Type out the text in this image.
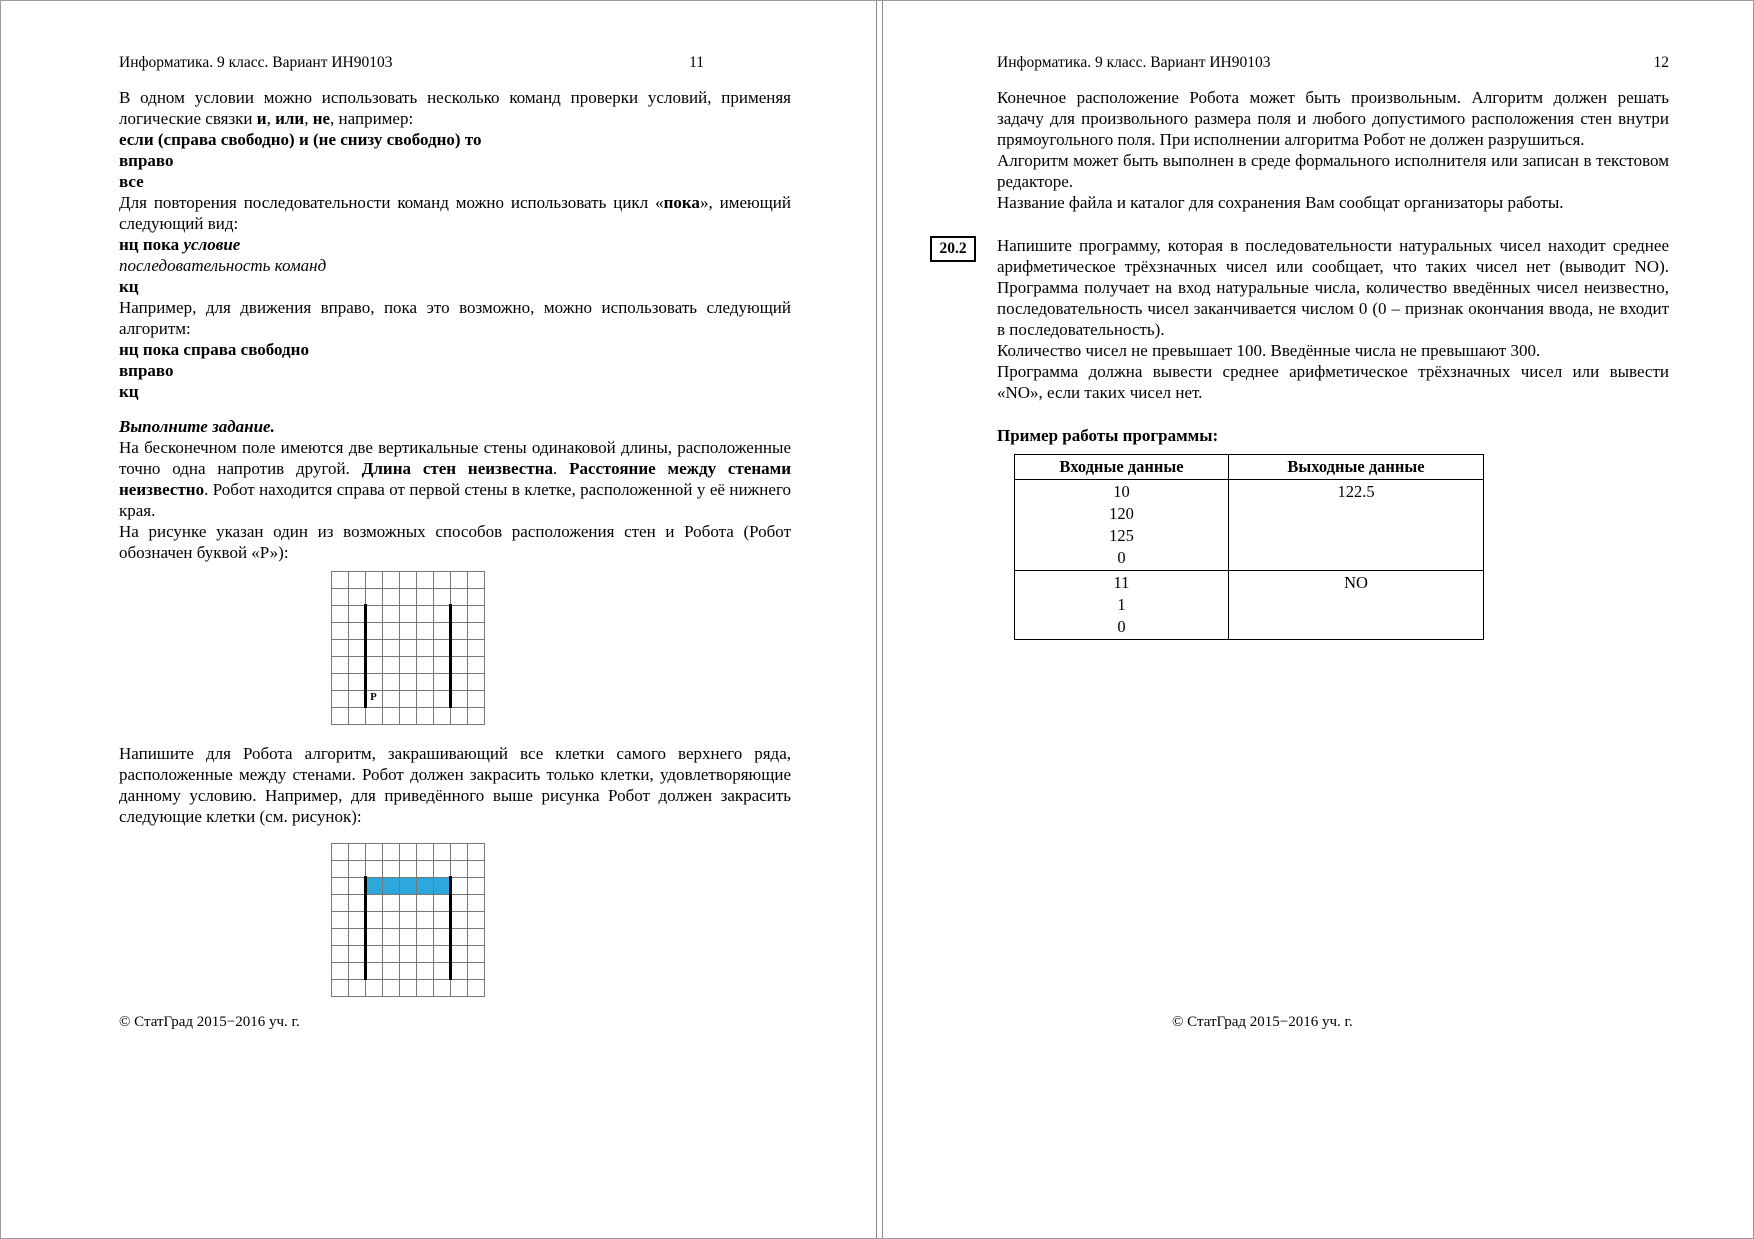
Информатика. 9 класс. Вариант ИН90103	11

В одном условии можно использовать несколько команд проверки условий, применяя логические связки и, или, не, например:

если (справа свободно) и (не снизу свободно) то

вправо

все

Для повторения последовательности команд можно использовать цикл «пока», имеющий следующий вид:

нц пока условие

последовательность команд

кц

Например, для движения вправо, пока это возможно, можно использовать следующий алгоритм:

нц пока справа свободно

вправо

кц

Выполните задание.

На бесконечном поле имеются две вертикальные стены одинаковой длины, расположенные точно одна напротив другой. Длина стен неизвестна. Расстояние между стенами неизвестно. Робот находится справа от первой стены в клетке, расположенной у её нижнего края.

На рисунке указан один из возможных способов расположения стен и Робота (Робот обозначен буквой «Р»):

Р

Напишите для Робота алгоритм, закрашивающий все клетки самого верхнего ряда, расположенные между стенами. Робот должен закрасить только клетки, удовлетворяющие данному условию. Например, для приведённого выше рисунка Робот должен закрасить следующие клетки (см. рисунок):

© СтатГрад 2015−2016 уч. г.
Информатика. 9 класс. Вариант ИН90103	12

Конечное расположение Робота может быть произвольным. Алгоритм должен решать задачу для произвольного размера поля и любого допустимого расположения стен внутри прямоугольного поля. При исполнении алгоритма Робот не должен разрушиться.

Алгоритм может быть выполнен в среде формального исполнителя или записан в текстовом редакторе.

Название файла и каталог для сохранения Вам сообщат организаторы работы.

20.2	Напишите программу, которая в последовательности натуральных чисел находит среднее арифметическое трёхзначных чисел или сообщает, что таких чисел нет (выводит NO). Программа получает на вход натуральные числа, количество введённых чисел неизвестно, последовательность чисел заканчивается числом 0 (0 – признак окончания ввода, не входит в последовательность).

Количество чисел не превышает 100. Введённые числа не превышают 300.

Программа должна вывести среднее арифметическое трёхзначных чисел или вывести «NO», если таких чисел нет.

Пример работы программы:

Входные данные	Выходные данные

10
120
125
0	122.5

11
1
0	NO
© СтатГрад 2015−2016 уч. г.
